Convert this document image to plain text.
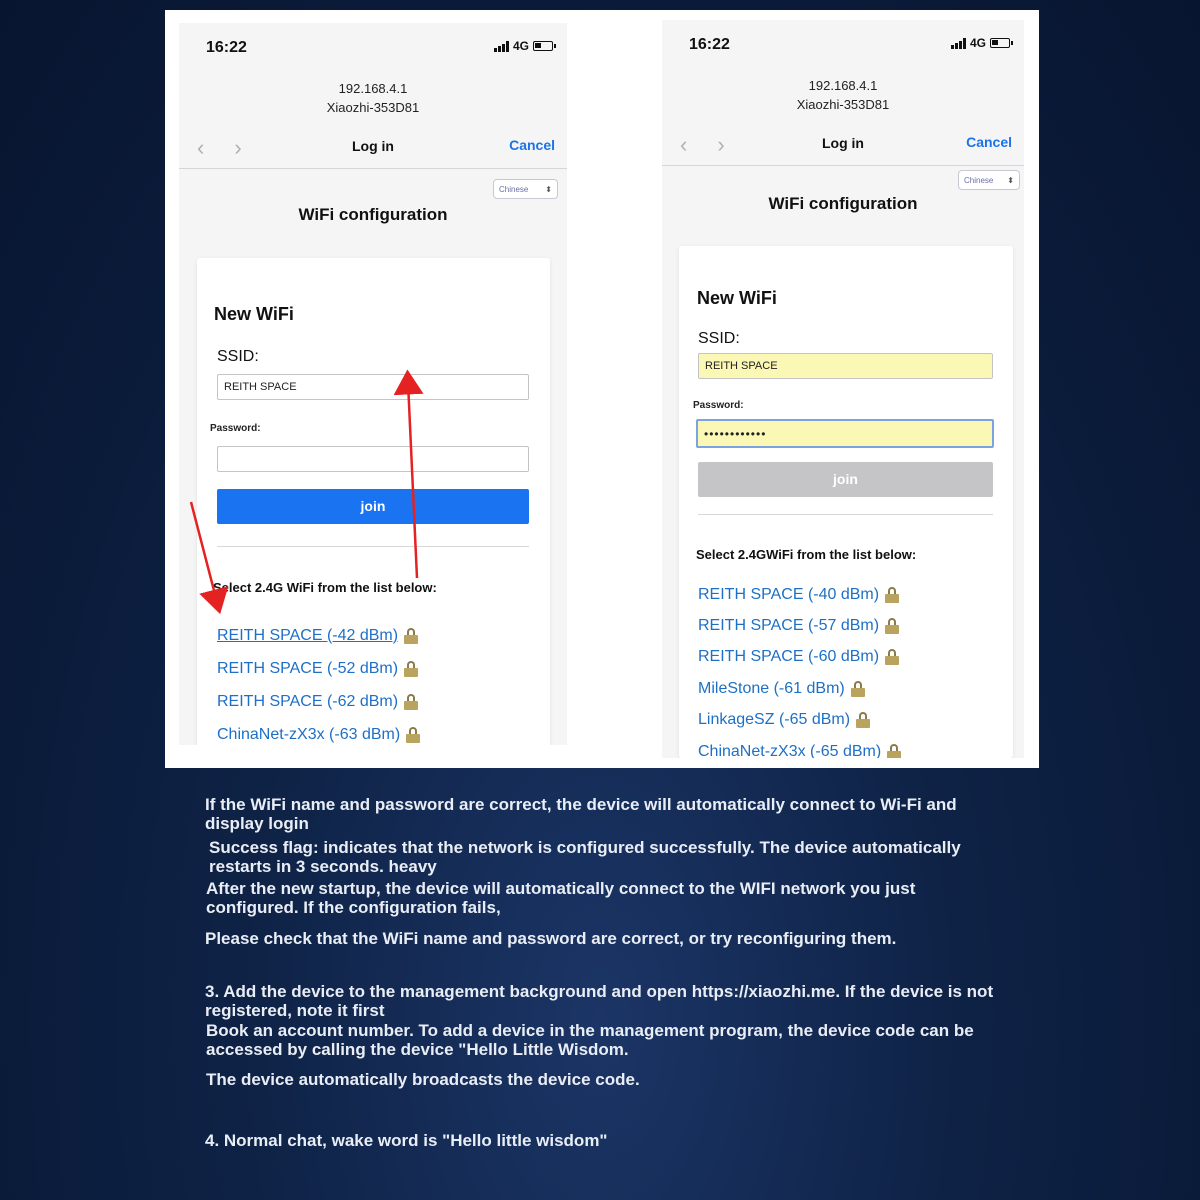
16:22	4G
192.168.4.1
Xiaozhi-353D81
‹ ›	Log in	Cancel
Chinese ⬍
WiFi configuration
New WiFi
SSID:
REITH SPACE
Password:
join
Select 2.4G WiFi from the list below:
REITH SPACE (-42 dBm)
REITH SPACE (-52 dBm)
REITH SPACE (-62 dBm)
ChinaNet-zX3x (-63 dBm)
16:22	4G
192.168.4.1
Xiaozhi-353D81
‹ ›	Log in	Cancel
Chinese ⬍
WiFi configuration
New WiFi
SSID:
REITH SPACE
Password:
••••••••••••
join
Select 2.4GWiFi from the list below:
REITH SPACE (-40 dBm)
REITH SPACE (-57 dBm)
REITH SPACE (-60 dBm)
MileStone (-61 dBm)
LinkageSZ (-65 dBm)
ChinaNet-zX3x (-65 dBm)

If the WiFi name and password are correct, the device will automatically connect to Wi-Fi and display login

Success flag: indicates that the network is configured successfully. The device automatically restarts in 3 seconds. heavy

After the new startup, the device will automatically connect to the WIFI network you just configured. If the configuration fails,

Please check that the WiFi name and password are correct, or try reconfiguring them.

3. Add the device to the management background and open https://xiaozhi.me. If the device is not registered, note it first

Book an account number. To add a device in the management program, the device code can be accessed by calling the device "Hello Little Wisdom.

The device automatically broadcasts the device code.

4. Normal chat, wake word is "Hello little wisdom"
